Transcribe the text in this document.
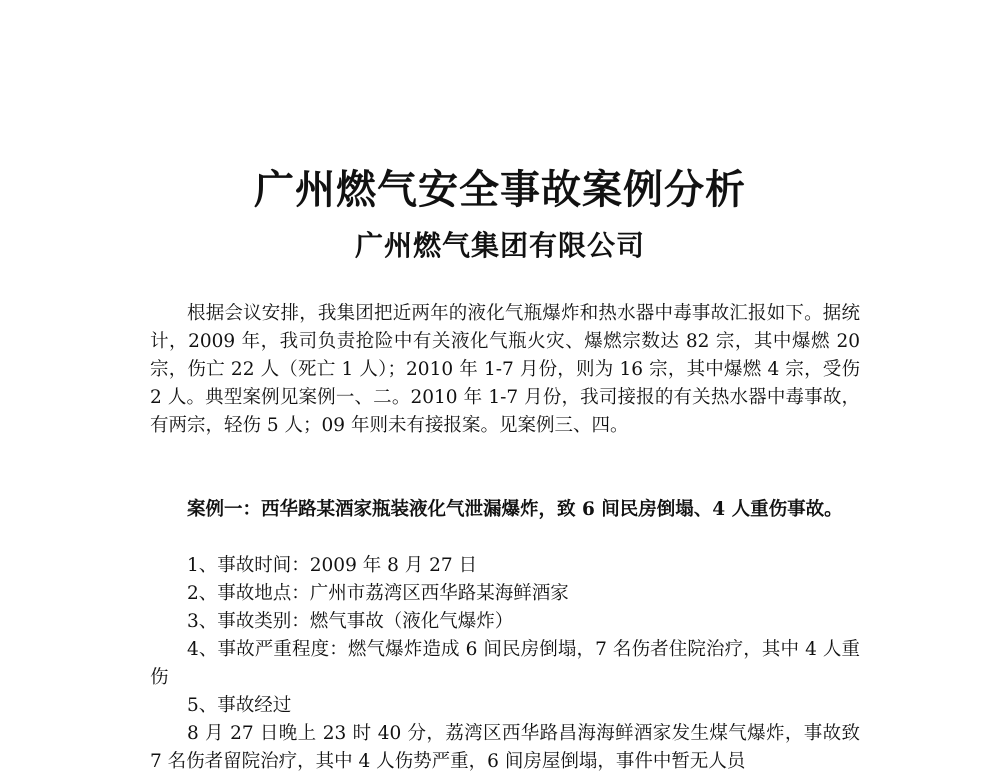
广州燃气安全事故案例分析
广州燃气集团有限公司

根据会议安排，我集团把近两年的液化气瓶爆炸和热水器中毒事故汇报如下。据统计，2009 年，我司负责抢险中有关液化气瓶火灾、爆燃宗数达 82 宗，其中爆燃 20 宗，伤亡 22 人（死亡 1 人）；2010 年 1-7 月份，则为 16 宗，其中爆燃 4 宗，受伤 2 人。典型案例见案例一、二。2010 年 1-7 月份，我司接报的有关热水器中毒事故，有两宗，轻伤 5 人；09 年则未有接报案。见案例三、四。

案例一：西华路某酒家瓶装液化气泄漏爆炸，致 6 间民房倒塌、4 人重伤事故。

1、事故时间：2009 年 8 月 27 日

2、事故地点：广州市荔湾区西华路某海鲜酒家

3、事故类别：燃气事故（液化气爆炸）

4、事故严重程度：燃气爆炸造成 6 间民房倒塌，7 名伤者住院治疗，其中 4 人重伤

5、事故经过

8 月 27 日晚上 23 时 40 分，荔湾区西华路昌海海鲜酒家发生煤气爆炸，事故致 7 名伤者留院治疗，其中 4 人伤势严重，6 间房屋倒塌，事件中暂无人员
